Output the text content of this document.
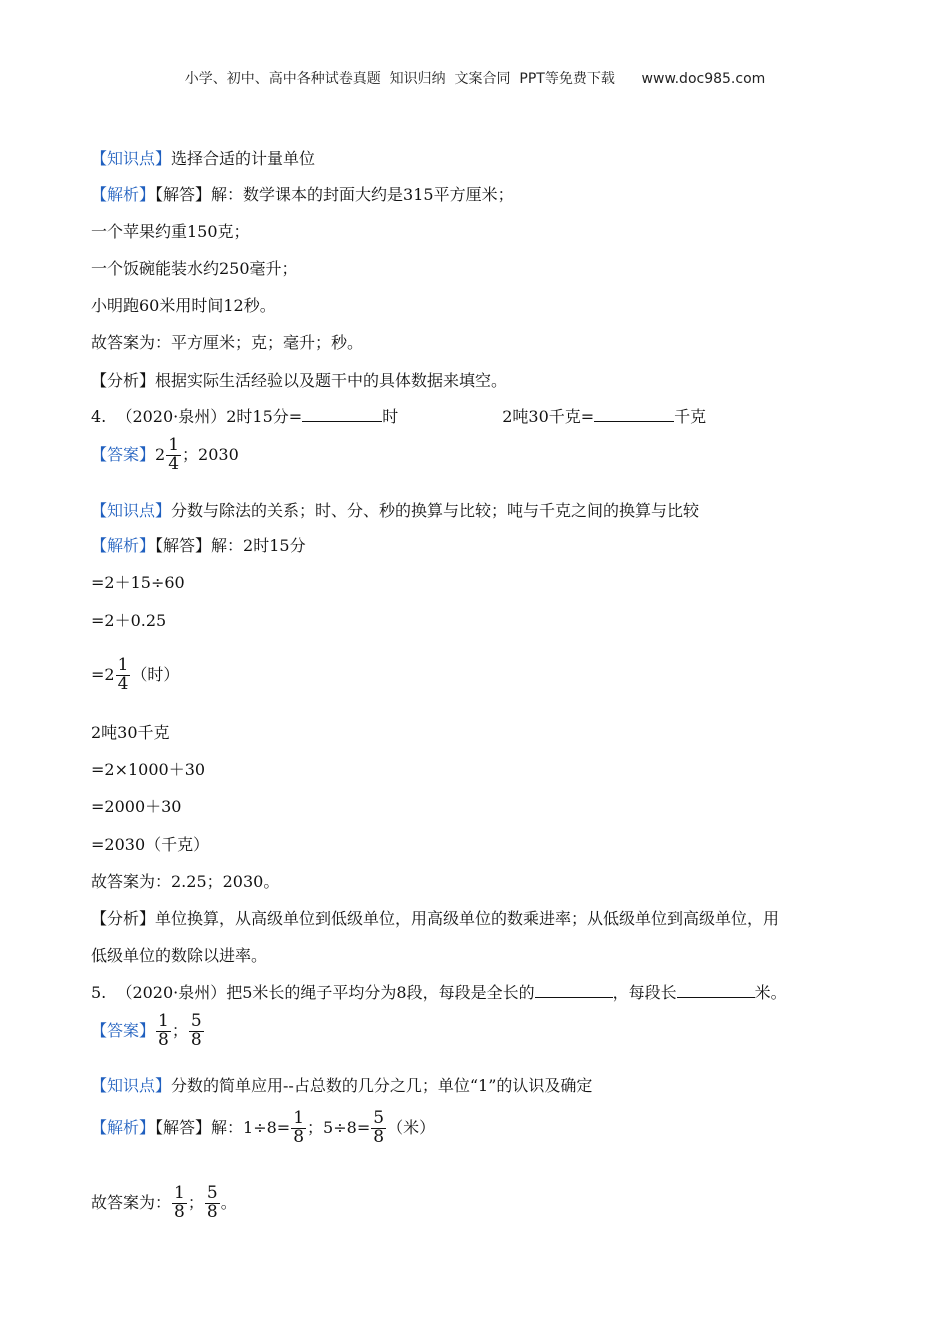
小学、初中、高中各种试卷真题  知识归纳  文案合同  PPT等免费下载      www.doc985.com
【知识点】选择合适的计量单位
【解析】【解答】解：数学课本的封面大约是315平方厘米；
一个苹果约重150克；
一个饭碗能装水约250毫升；
小明跑60米用时间12秒。
故答案为：平方厘米；克；毫升；秒。
【分析】根据实际生活经验以及题干中的具体数据来填空。
4. （2020·泉州）2时15分=	时	2吨30千克=	千克
【答案】$2 \frac{1}{4}$ ；2030
【知识点】分数与除法的关系；时、分、秒的换算与比较；吨与千克之间的换算与比较
【解析】【解答】解：2时15分
=2＋15÷60
=2＋0.25
$=2 \frac{1}{4}$ （时）
2吨30千克
=2×1000＋30
=2000＋30
=2030（千克）
故答案为：2.25；2030。
【分析】单位换算，从高级单位到低级单位，用高级单位的数乘进率；从低级单位到高级单位，用
低级单位的数除以进率。
5. （2020·泉州）把5米长的绳子平均分为8段，每段是全长的	，每段长	米。
【答案】 $\frac{1}{8}$ ； $\frac{5}{8}$
【知识点】分数的简单应用--占总数的几分之几；单位“1”的认识及确定
【解析】【解答】解：$1\div 8= \frac{1}{8}$ ；$5\div 8= \frac{5}{8}$ （米）
故答案为： $\frac{1}{8}$ ； $\frac{5}{8}$ 。
